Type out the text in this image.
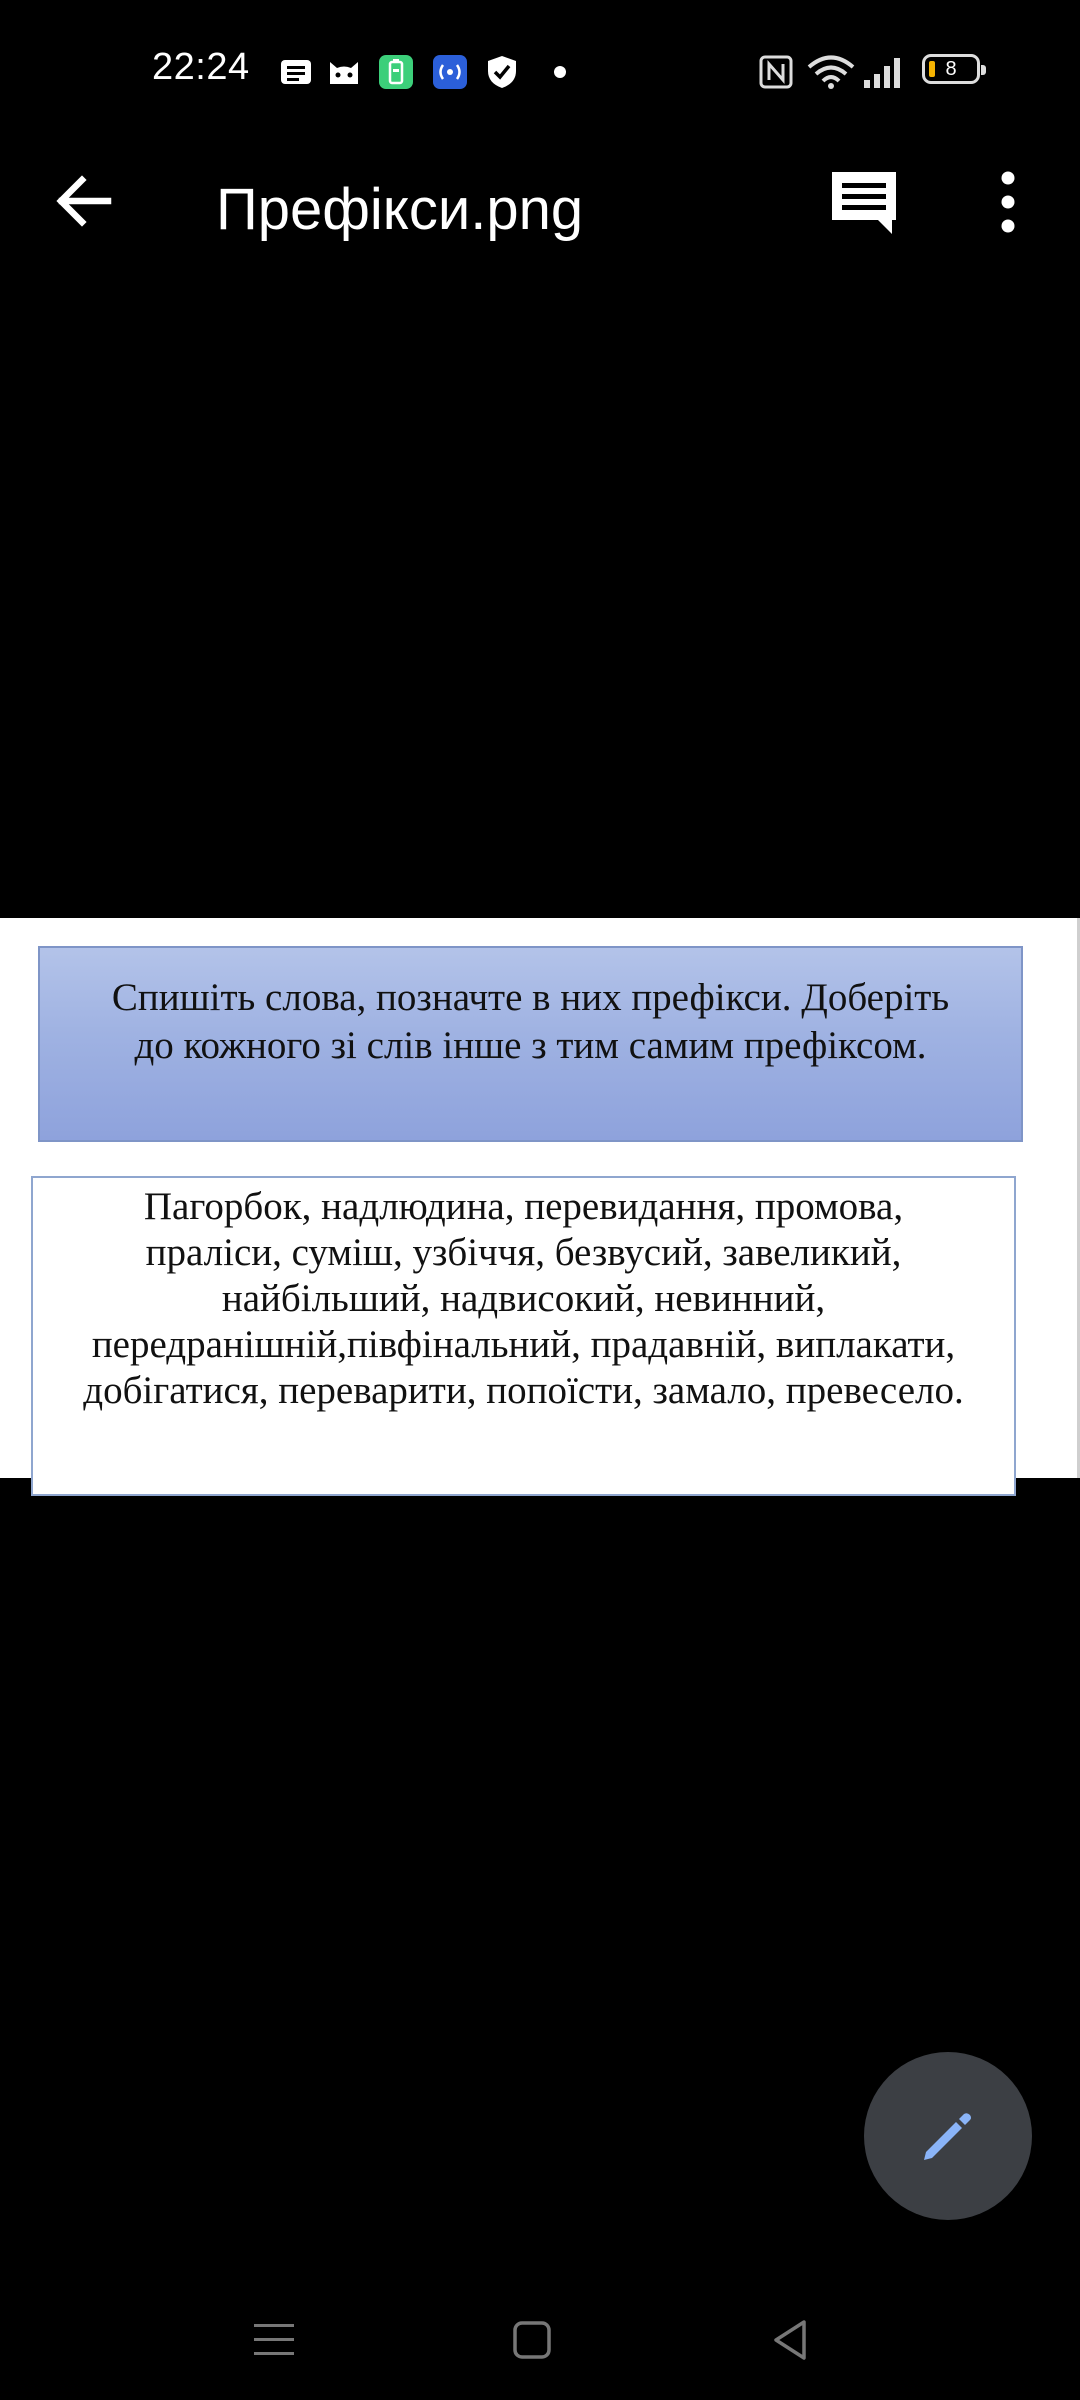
22:24	8
Префікси.png
Спишіть слова, позначте в них префікси. Доберіть
до кожного зі слів інше з тим самим префіксом.
Пагорбок, надлюдина, перевидання, промова,
праліси, суміш, узбіччя, безвусий, завеликий,
найбільший, надвисокий, невинний,
передранішній,півфінальний, прадавній, виплакати,
добігатися, переварити, попоїсти, замало, превесело.
